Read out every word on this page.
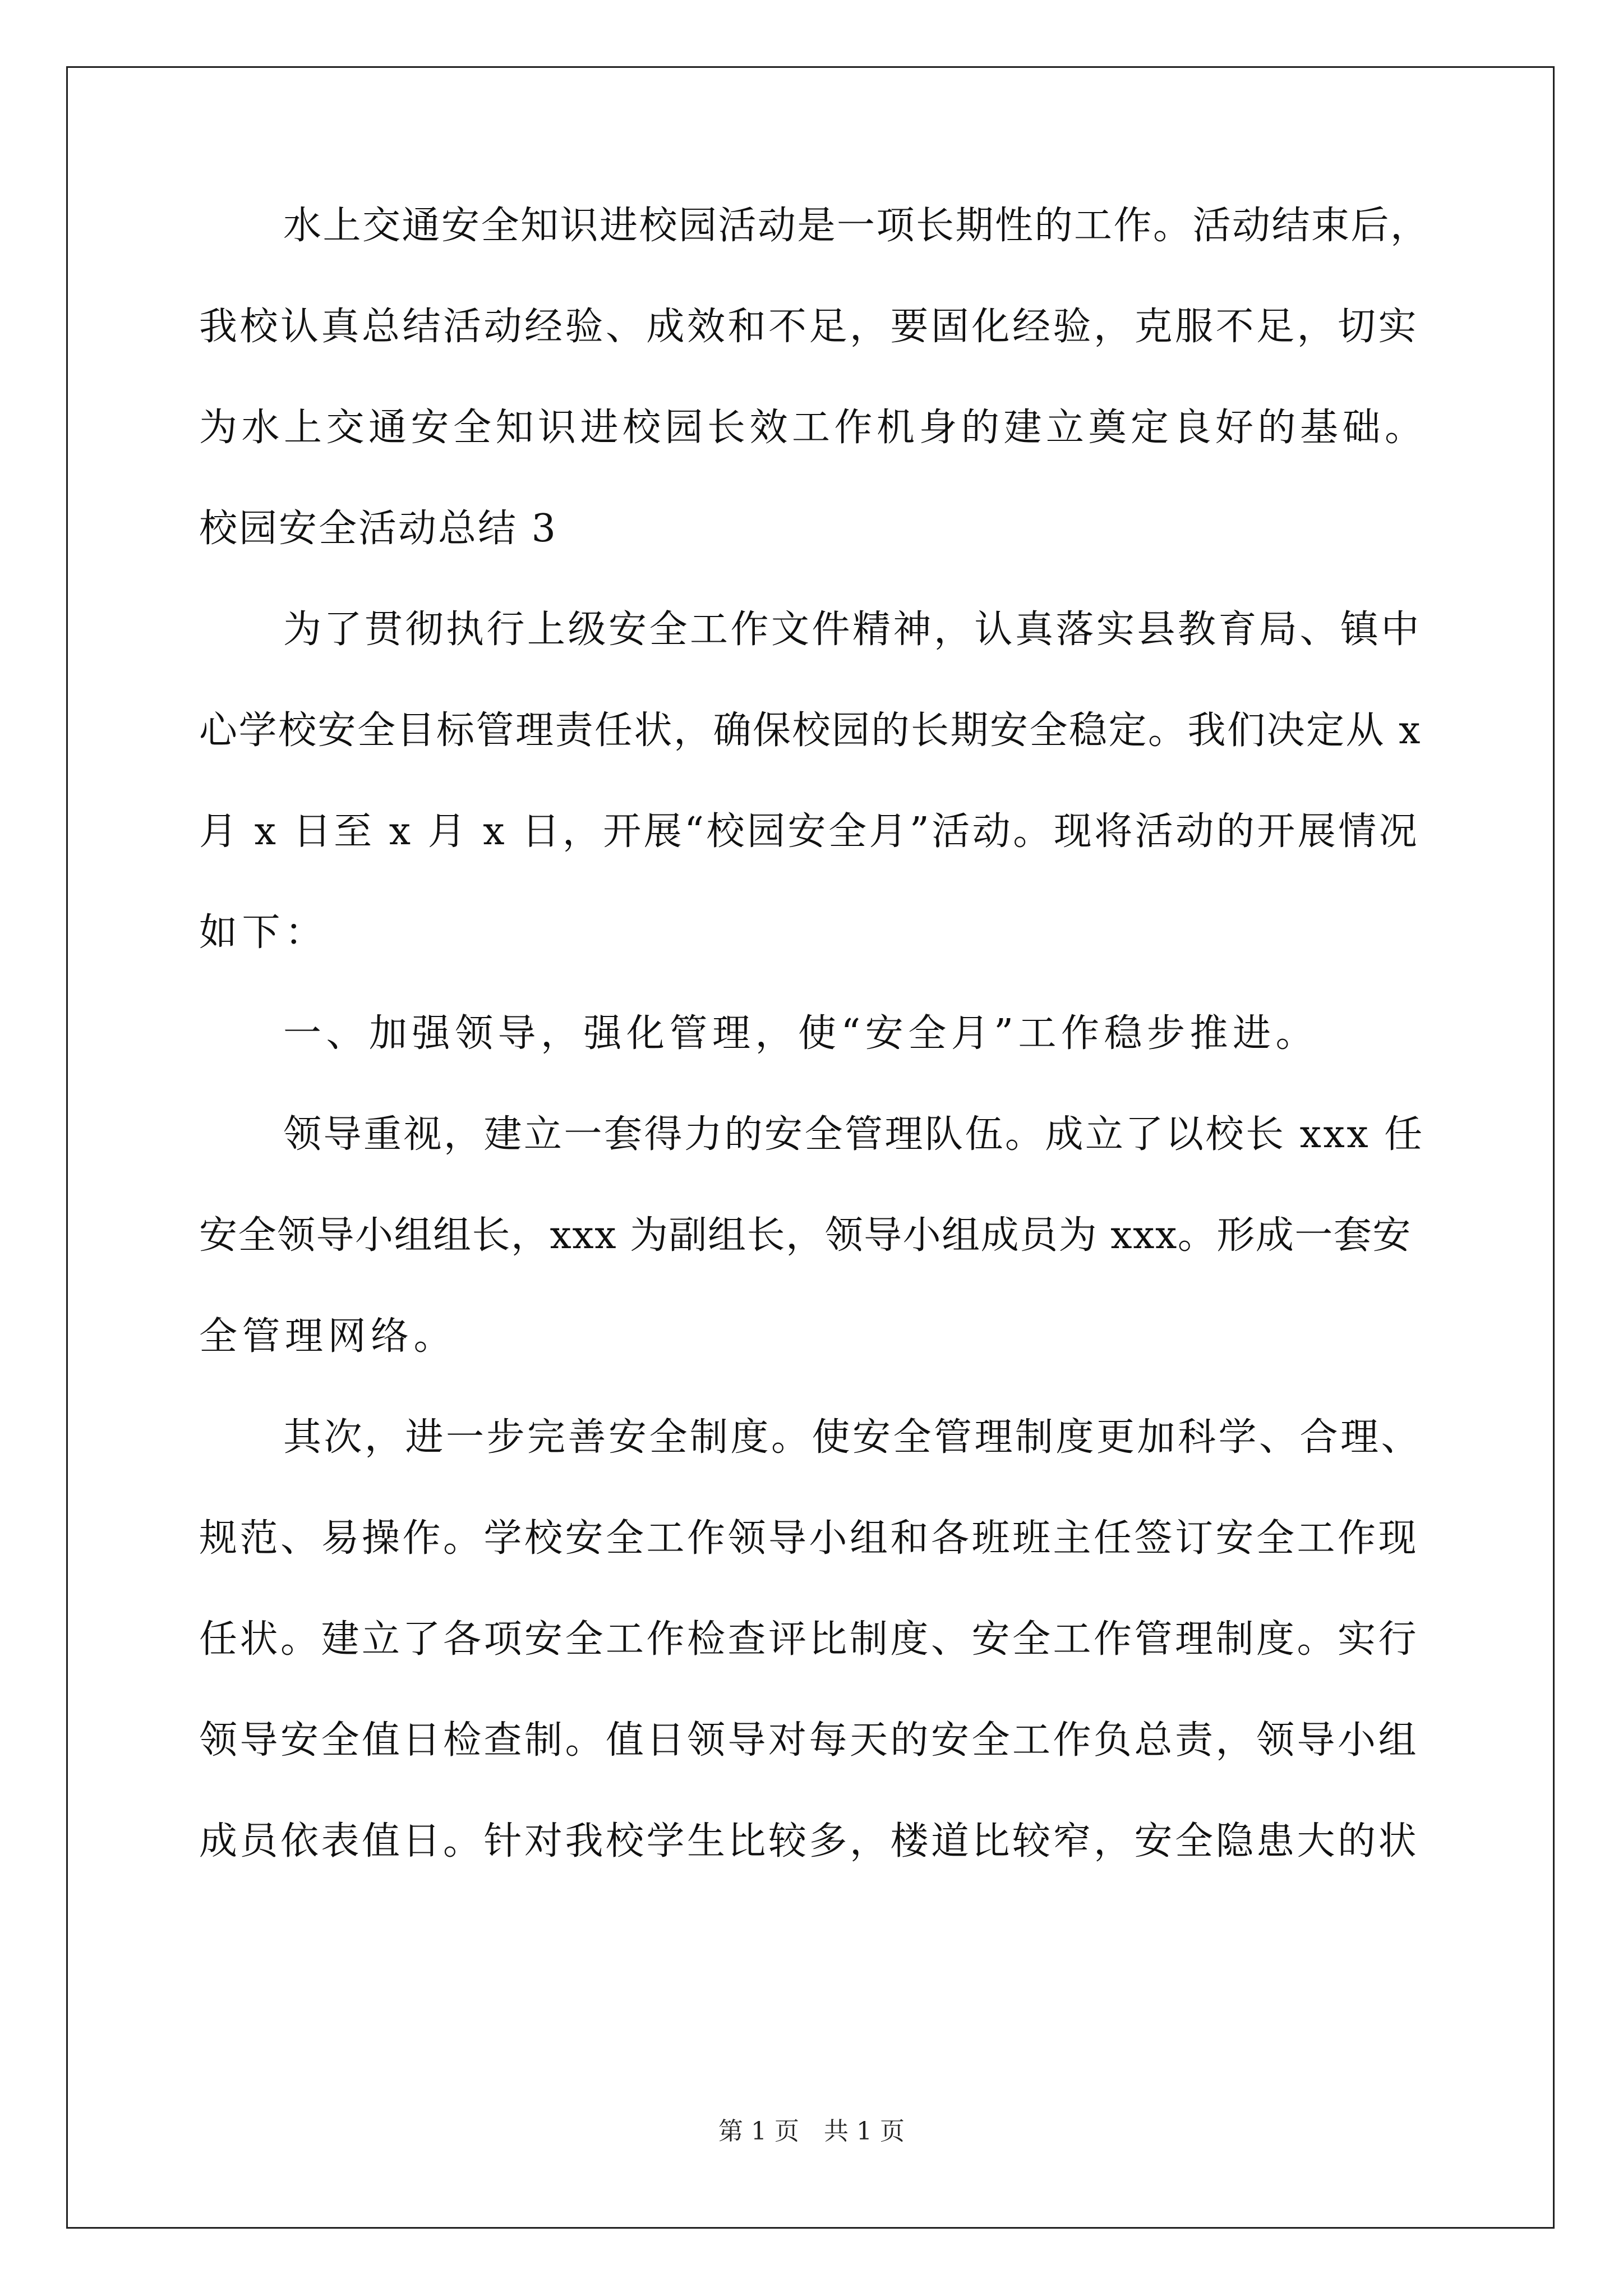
水上交通安全知识进校园活动是一项长期性的工作。活动结束后，
我校认真总结活动经验、成效和不足，要固化经验，克服不足，切实
为水上交通安全知识进校园长效工作机身的建立奠定良好的基础。
校园安全活动总结 3
为了贯彻执行上级安全工作文件精神，认真落实县教育局、镇中
心学校安全目标管理责任状，确保校园的长期安全稳定。我们决定从 x
月 x 日至 x 月 x 日，开展“校园安全月”活动。现将活动的开展情况
如下：
一、加强领导，强化管理，使“安全月”工作稳步推进。
领导重视，建立一套得力的安全管理队伍。成立了以校长 xxx 任
安全领导小组组长，xxx 为副组长，领导小组成员为 xxx。形成一套安
全管理网络。
其次，进一步完善安全制度。使安全管理制度更加科学、合理、
规范、易操作。学校安全工作领导小组和各班班主任签订安全工作现
任状。建立了各项安全工作检查评比制度、安全工作管理制度。实行
领导安全值日检查制。值日领导对每天的安全工作负总责，领导小组
成员依表值日。针对我校学生比较多，楼道比较窄，安全隐患大的状
第 1 页　共 1 页
